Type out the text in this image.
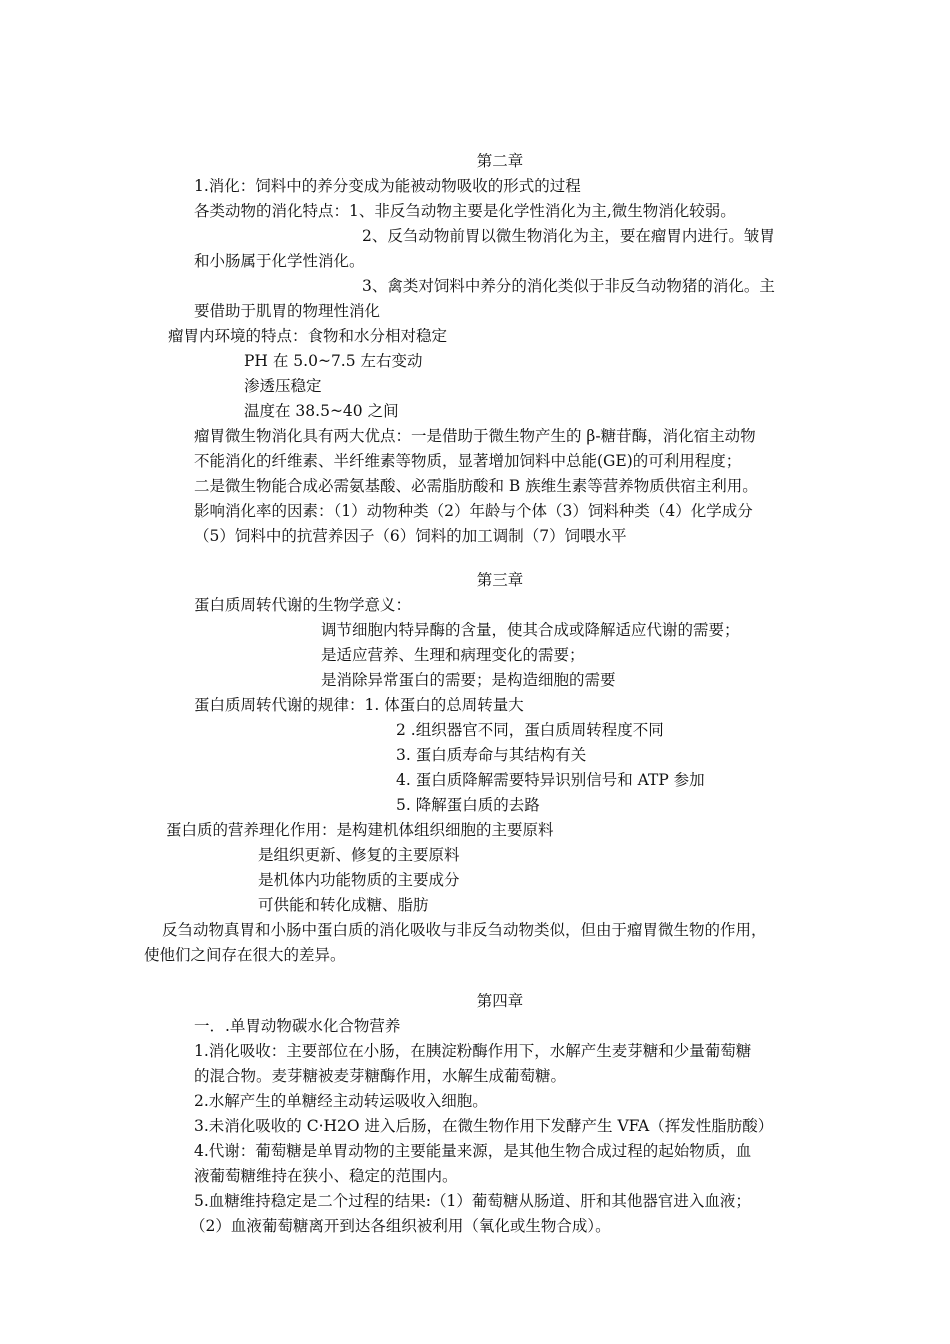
第二章
1.消化：饲料中的养分变成为能被动物吸收的形式的过程
各类动物的消化特点：1、非反刍动物主要是化学性消化为主,微生物消化较弱。
2、反刍动物前胃以微生物消化为主，要在瘤胃内进行。皱胃
和小肠属于化学性消化。
3、禽类对饲料中养分的消化类似于非反刍动物猪的消化。主
要借助于肌胃的物理性消化
瘤胃内环境的特点：食物和水分相对稳定
PH 在 5.0~7.5 左右变动
渗透压稳定
温度在 38.5~40 之间
瘤胃微生物消化具有两大优点：一是借助于微生物产生的 β-糖苷酶，消化宿主动物
不能消化的纤维素、半纤维素等物质，显著增加饲料中总能(GE)的可利用程度；
二是微生物能合成必需氨基酸、必需脂肪酸和 B 族维生素等营养物质供宿主利用。
影响消化率的因素：（1）动物种类（2）年龄与个体（3）饲料种类（4）化学成分
（5）饲料中的抗营养因子（6）饲料的加工调制（7）饲喂水平
第三章
蛋白质周转代谢的生物学意义：
调节细胞内特异酶的含量，使其合成或降解适应代谢的需要；
是适应营养、生理和病理变化的需要；
是消除异常蛋白的需要；是构造细胞的需要
蛋白质周转代谢的规律：1. 体蛋白的总周转量大
2 .组织器官不同，蛋白质周转程度不同
3. 蛋白质寿命与其结构有关
4. 蛋白质降解需要特异识别信号和 ATP 参加
5. 降解蛋白质的去路
蛋白质的营养理化作用：是构建机体组织细胞的主要原料
是组织更新、修复的主要原料
是机体内功能物质的主要成分
可供能和转化成糖、脂肪
反刍动物真胃和小肠中蛋白质的消化吸收与非反刍动物类似，但由于瘤胃微生物的作用，
使他们之间存在很大的差异。
第四章
一．.单胃动物碳水化合物营养
1.消化吸收：主要部位在小肠，在胰淀粉酶作用下，水解产生麦芽糖和少量葡萄糖
的混合物。麦芽糖被麦芽糖酶作用，水解生成葡萄糖。
2.水解产生的单糖经主动转运吸收入细胞。
3.未消化吸收的 C·H2O 进入后肠，在微生物作用下发酵产生 VFA（挥发性脂肪酸）
4.代谢：葡萄糖是单胃动物的主要能量来源，是其他生物合成过程的起始物质，血
液葡萄糖维持在狭小、稳定的范围内。
5.血糖维持稳定是二个过程的结果:（1）葡萄糖从肠道、肝和其他器官进入血液；
（2）血液葡萄糖离开到达各组织被利用（氧化或生物合成）。
